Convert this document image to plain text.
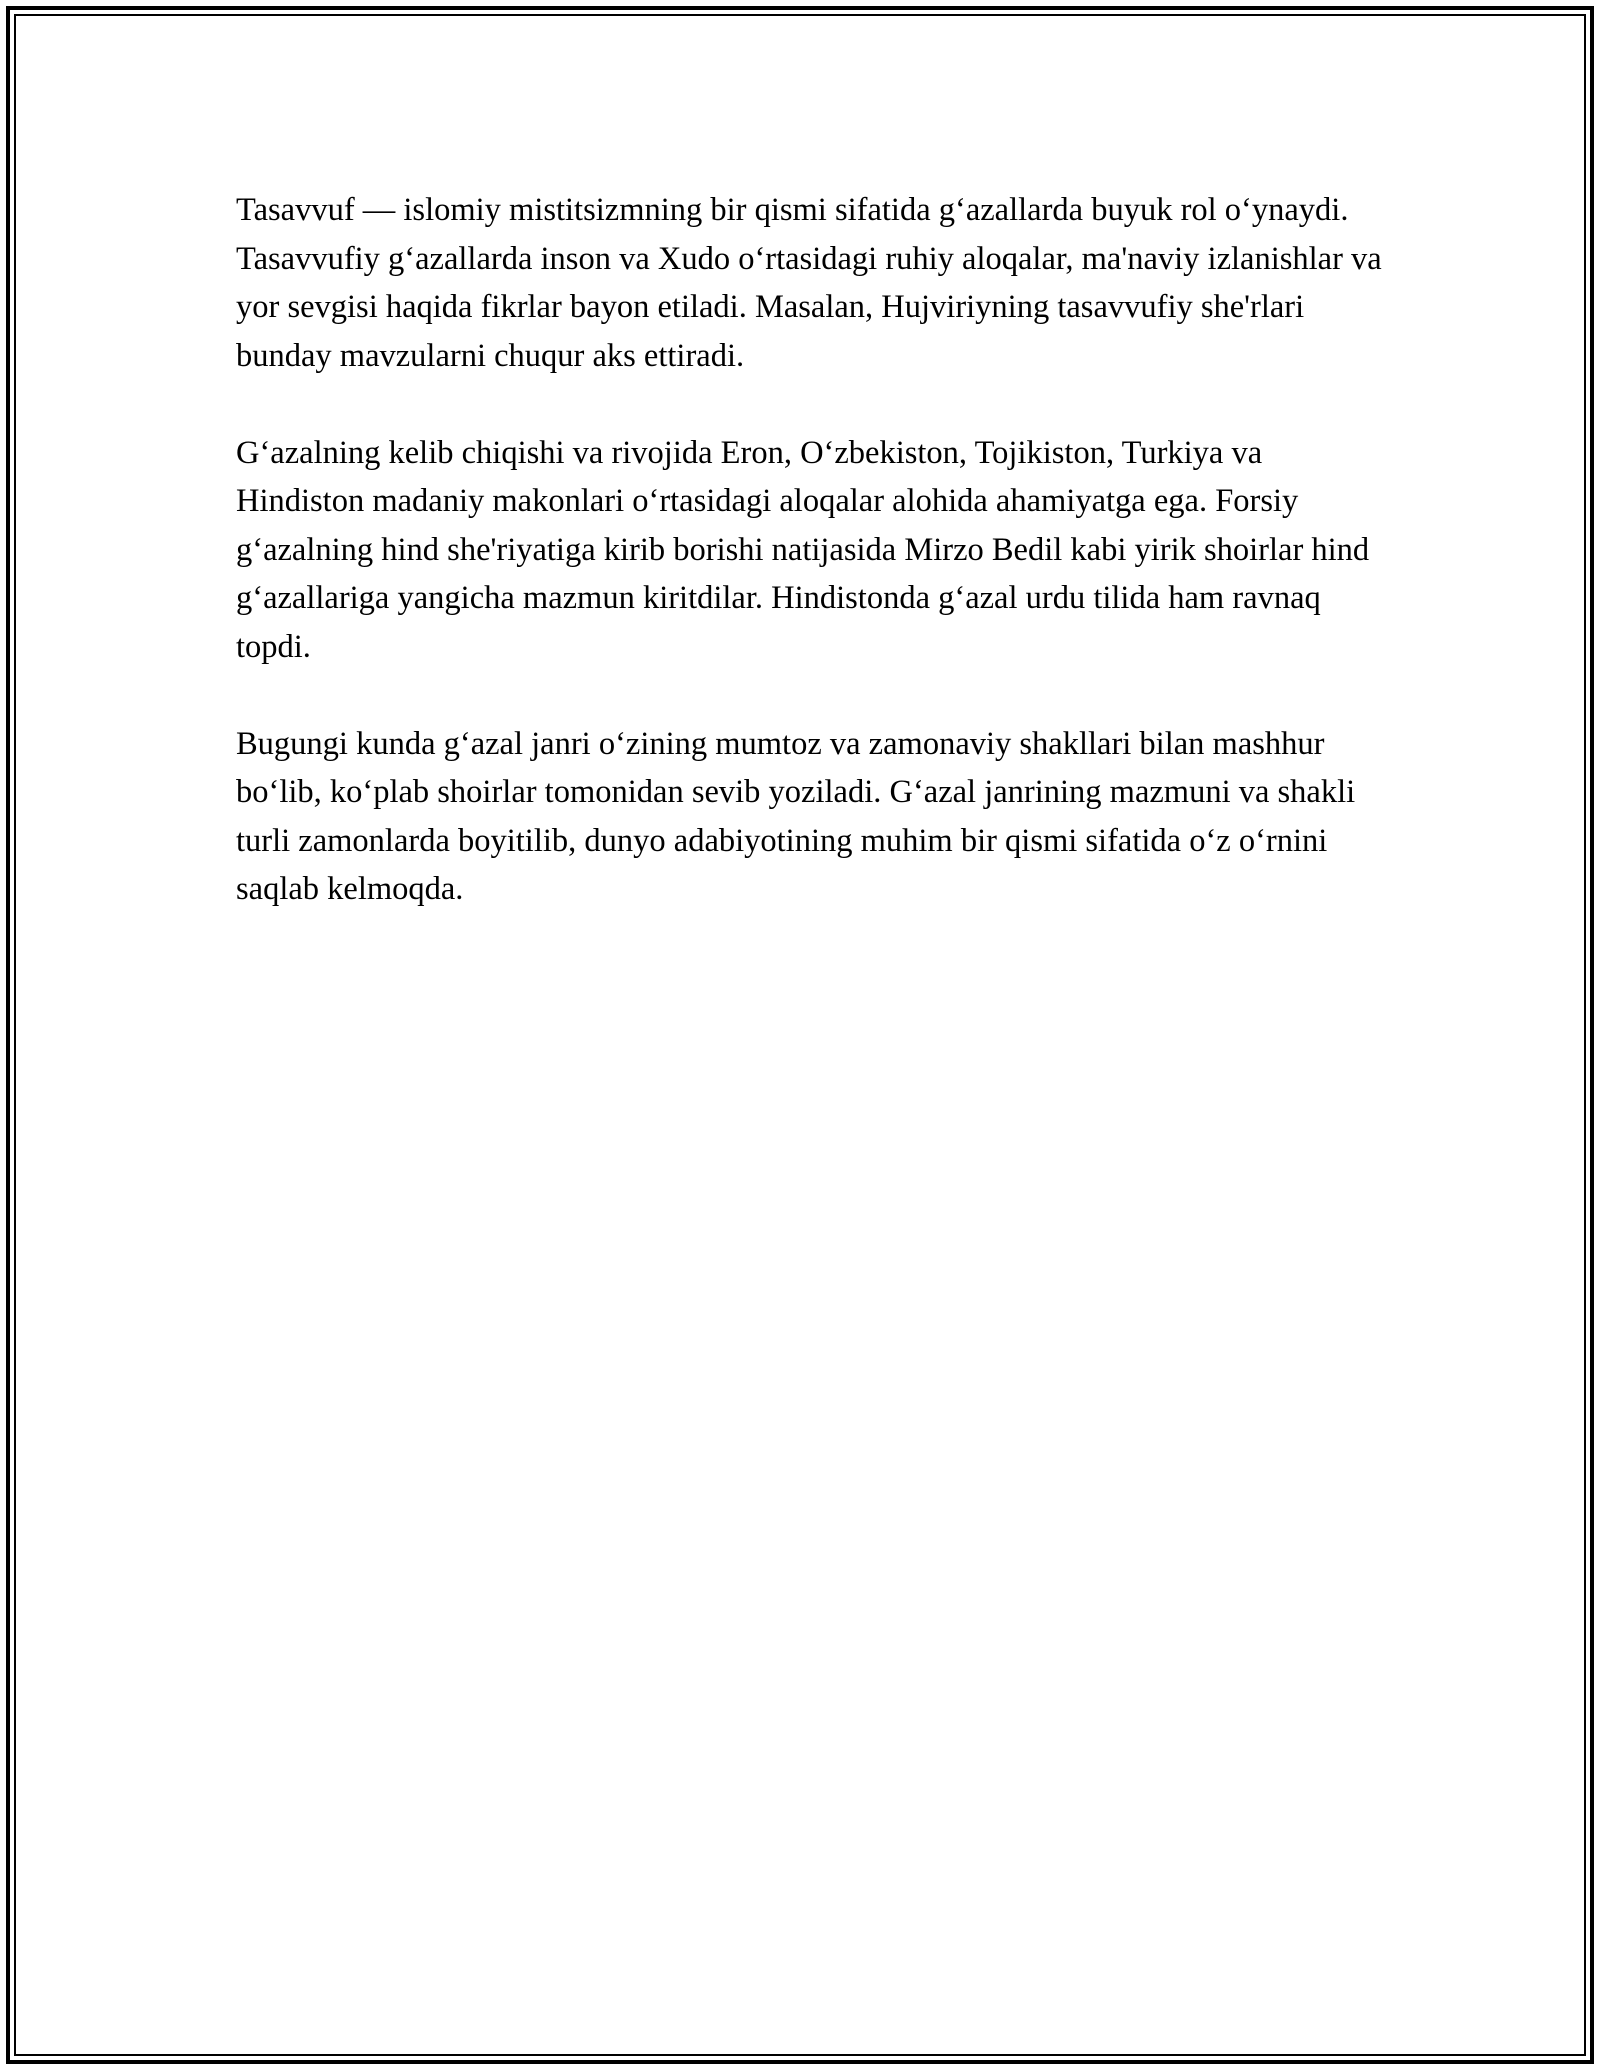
Tasavvuf — islomiy mistitsizmning bir qismi sifatida g‘azallarda buyuk rol o‘ynaydi. Tasavvufiy g‘azallarda inson va Xudo o‘rtasidagi ruhiy aloqalar, ma'naviy izlanishlar va yor sevgisi haqida fikrlar bayon etiladi. Masalan, Hujviriyning tasavvufiy she'rlari bunday mavzularni chuqur aks ettiradi.

G‘azalning kelib chiqishi va rivojida Eron, O‘zbekiston, Tojikiston, Turkiya va Hindiston madaniy makonlari o‘rtasidagi aloqalar alohida ahamiyatga ega. Forsiy g‘azalning hind she'riyatiga kirib borishi natijasida Mirzo Bedil kabi yirik shoirlar hind g‘azallariga yangicha mazmun kiritdilar. Hindistonda g‘azal urdu tilida ham ravnaq topdi.

Bugungi kunda g‘azal janri o‘zining mumtoz va zamonaviy shakllari bilan mashhur bo‘lib, ko‘plab shoirlar tomonidan sevib yoziladi. G‘azal janrining mazmuni va shakli turli zamonlarda boyitilib, dunyo adabiyotining muhim bir qismi sifatida o‘z o‘rnini saqlab kelmoqda.
